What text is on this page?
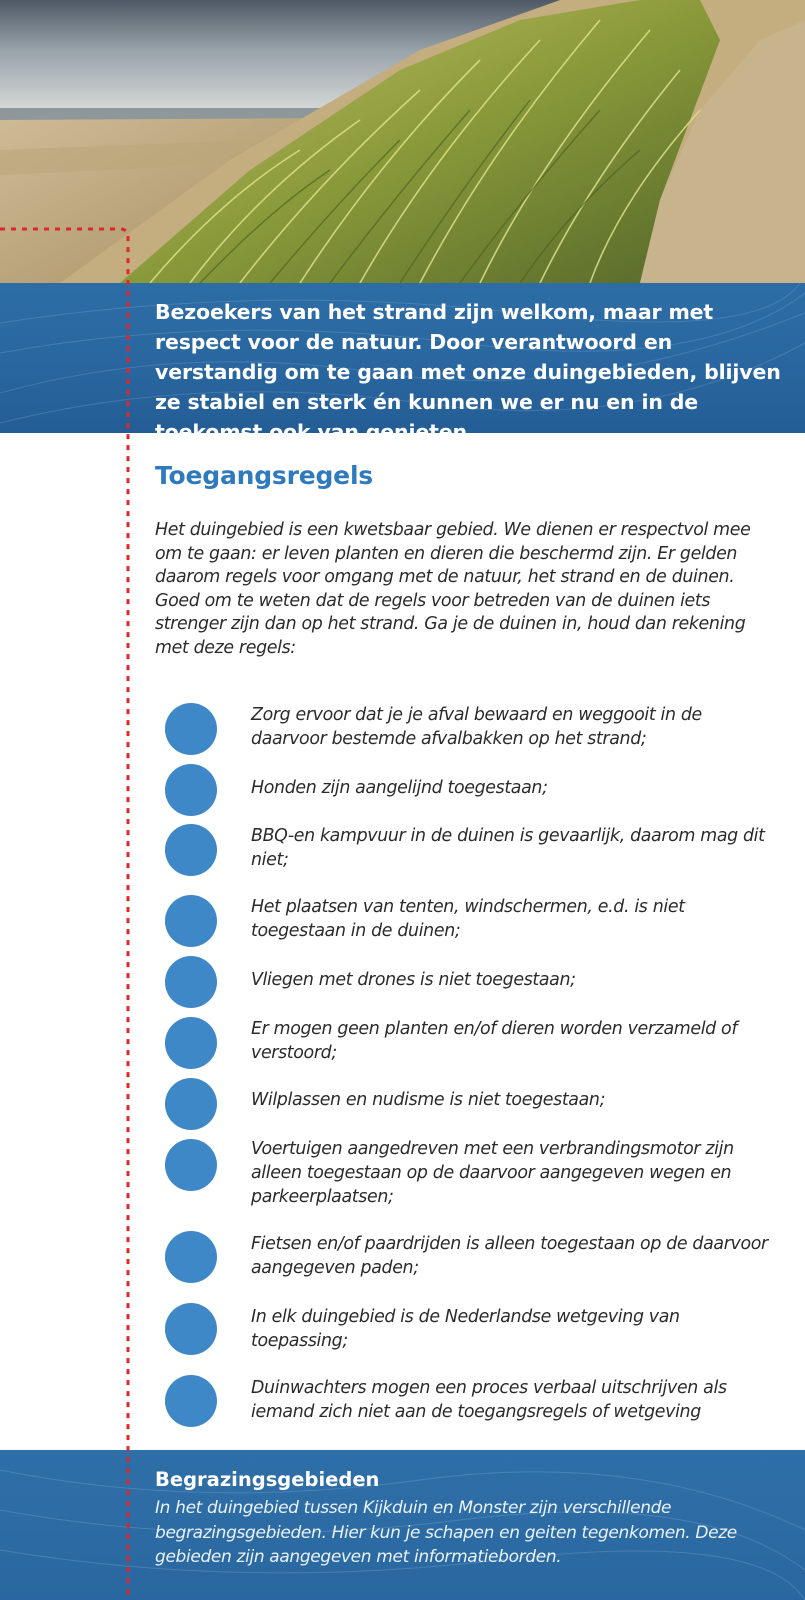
Bezoekers van het strand zijn welkom, maar met respect voor de natuur. Door verantwoord en verstandig om te gaan met onze duingebieden, blijven ze stabiel en sterk én kunnen we er nu en in de toekomst ook van genieten.
Toegangsregels
Het duingebied is een kwetsbaar gebied. We dienen er respectvol mee om te gaan: er leven planten en dieren die beschermd zijn. Er gelden daarom regels voor omgang met de natuur, het strand en de duinen. Goed om te weten dat de regels voor betreden van de duinen iets strenger zijn dan op het strand. Ga je de duinen in, houd dan rekening met deze regels:
Zorg ervoor dat je je afval bewaard en weggooit in de daarvoor bestemde afvalbakken op het strand;
Honden zijn aangelijnd toegestaan;
BBQ-en kampvuur in de duinen is gevaarlijk, daarom mag dit niet;
Het plaatsen van tenten, windschermen, e.d. is niet toegestaan in de duinen;
Vliegen met drones is niet toegestaan;
Er mogen geen planten en/of dieren worden verzameld of verstoord;
Wilplassen en nudisme is niet toegestaan;
Voertuigen aangedreven met een verbrandingsmotor zijn alleen toegestaan op de daarvoor aangegeven wegen en parkeerplaatsen;
Fietsen en/of paardrijden is alleen toegestaan op de daarvoor aangegeven paden;
In elk duingebied is de Nederlandse wetgeving van toepassing;
Duinwachters mogen een proces verbaal uitschrijven als iemand zich niet aan de toegangsregels of wetgeving
Begrazingsgebieden
In het duingebied tussen Kijkduin en Monster zijn verschillende begrazingsgebieden. Hier kun je schapen en geiten tegenkomen. Deze gebieden zijn aangegeven met informatieborden.
